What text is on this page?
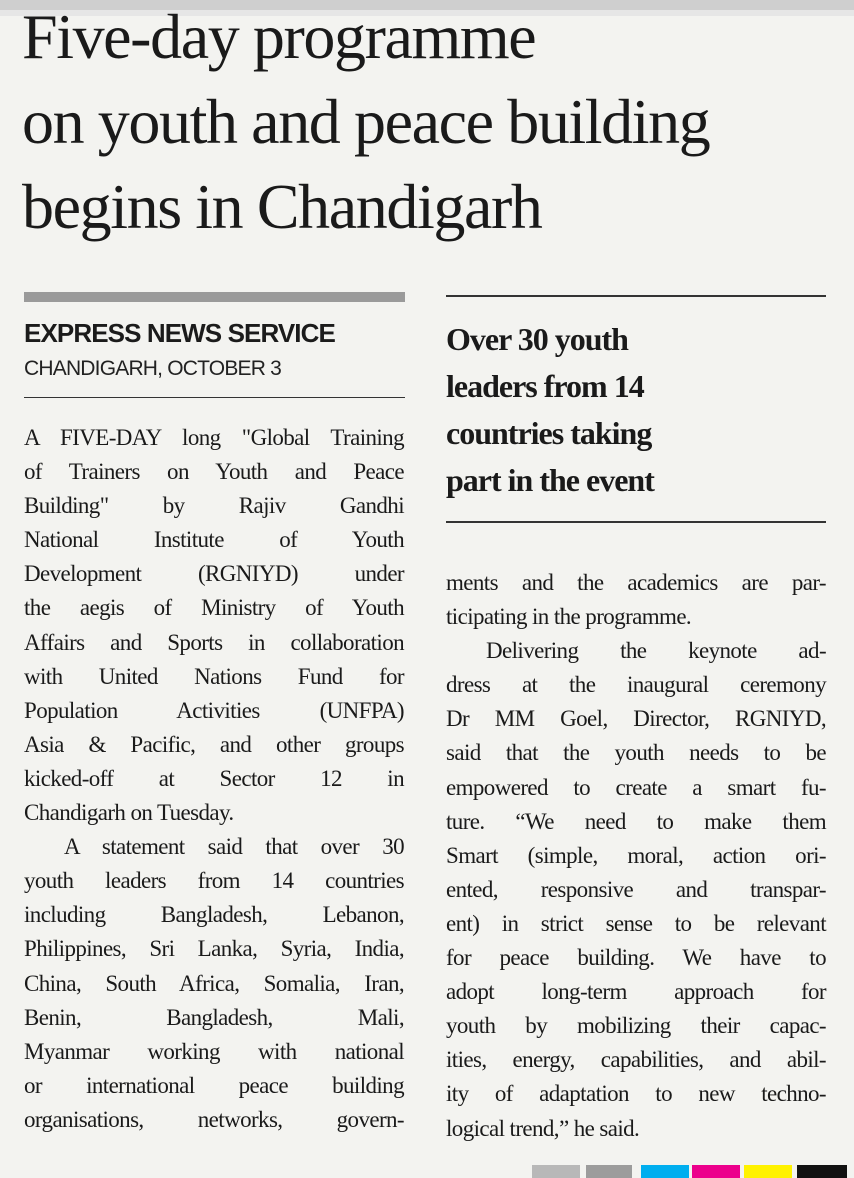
Five-day programme
on youth and peace building
begins in Chandigarh
EXPRESS NEWS SERVICE
CHANDIGARH, OCTOBER 3
Over 30 youth
leaders from 14
countries taking
part in the event
A FIVE-DAY long "Global Training
of Trainers on Youth and Peace
Building" by Rajiv Gandhi
National Institute of Youth
Development (RGNIYD) under
the aegis of Ministry of Youth
Affairs and Sports in collaboration
with United Nations Fund for
Population Activities (UNFPA)
Asia & Pacific, and other groups
kicked-off at Sector 12 in
Chandigarh on Tuesday.
A statement said that over 30
youth leaders from 14 countries
including Bangladesh, Lebanon,
Philippines, Sri Lanka, Syria, India,
China, South Africa, Somalia, Iran,
Benin, Bangladesh, Mali,
Myanmar working with national
or international peace building
organisations, networks, govern-
ments and the academics are par-
ticipating in the programme.
Delivering the keynote ad-
dress at the inaugural ceremony
Dr MM Goel, Director, RGNIYD,
said that the youth needs to be
empowered to create a smart fu-
ture. “We need to make them
Smart (simple, moral, action ori-
ented, responsive and transpar-
ent) in strict sense to be relevant
for peace building. We have to
adopt long-term approach for
youth by mobilizing their capac-
ities, energy, capabilities, and abil-
ity of adaptation to new techno-
logical trend,” he said.
